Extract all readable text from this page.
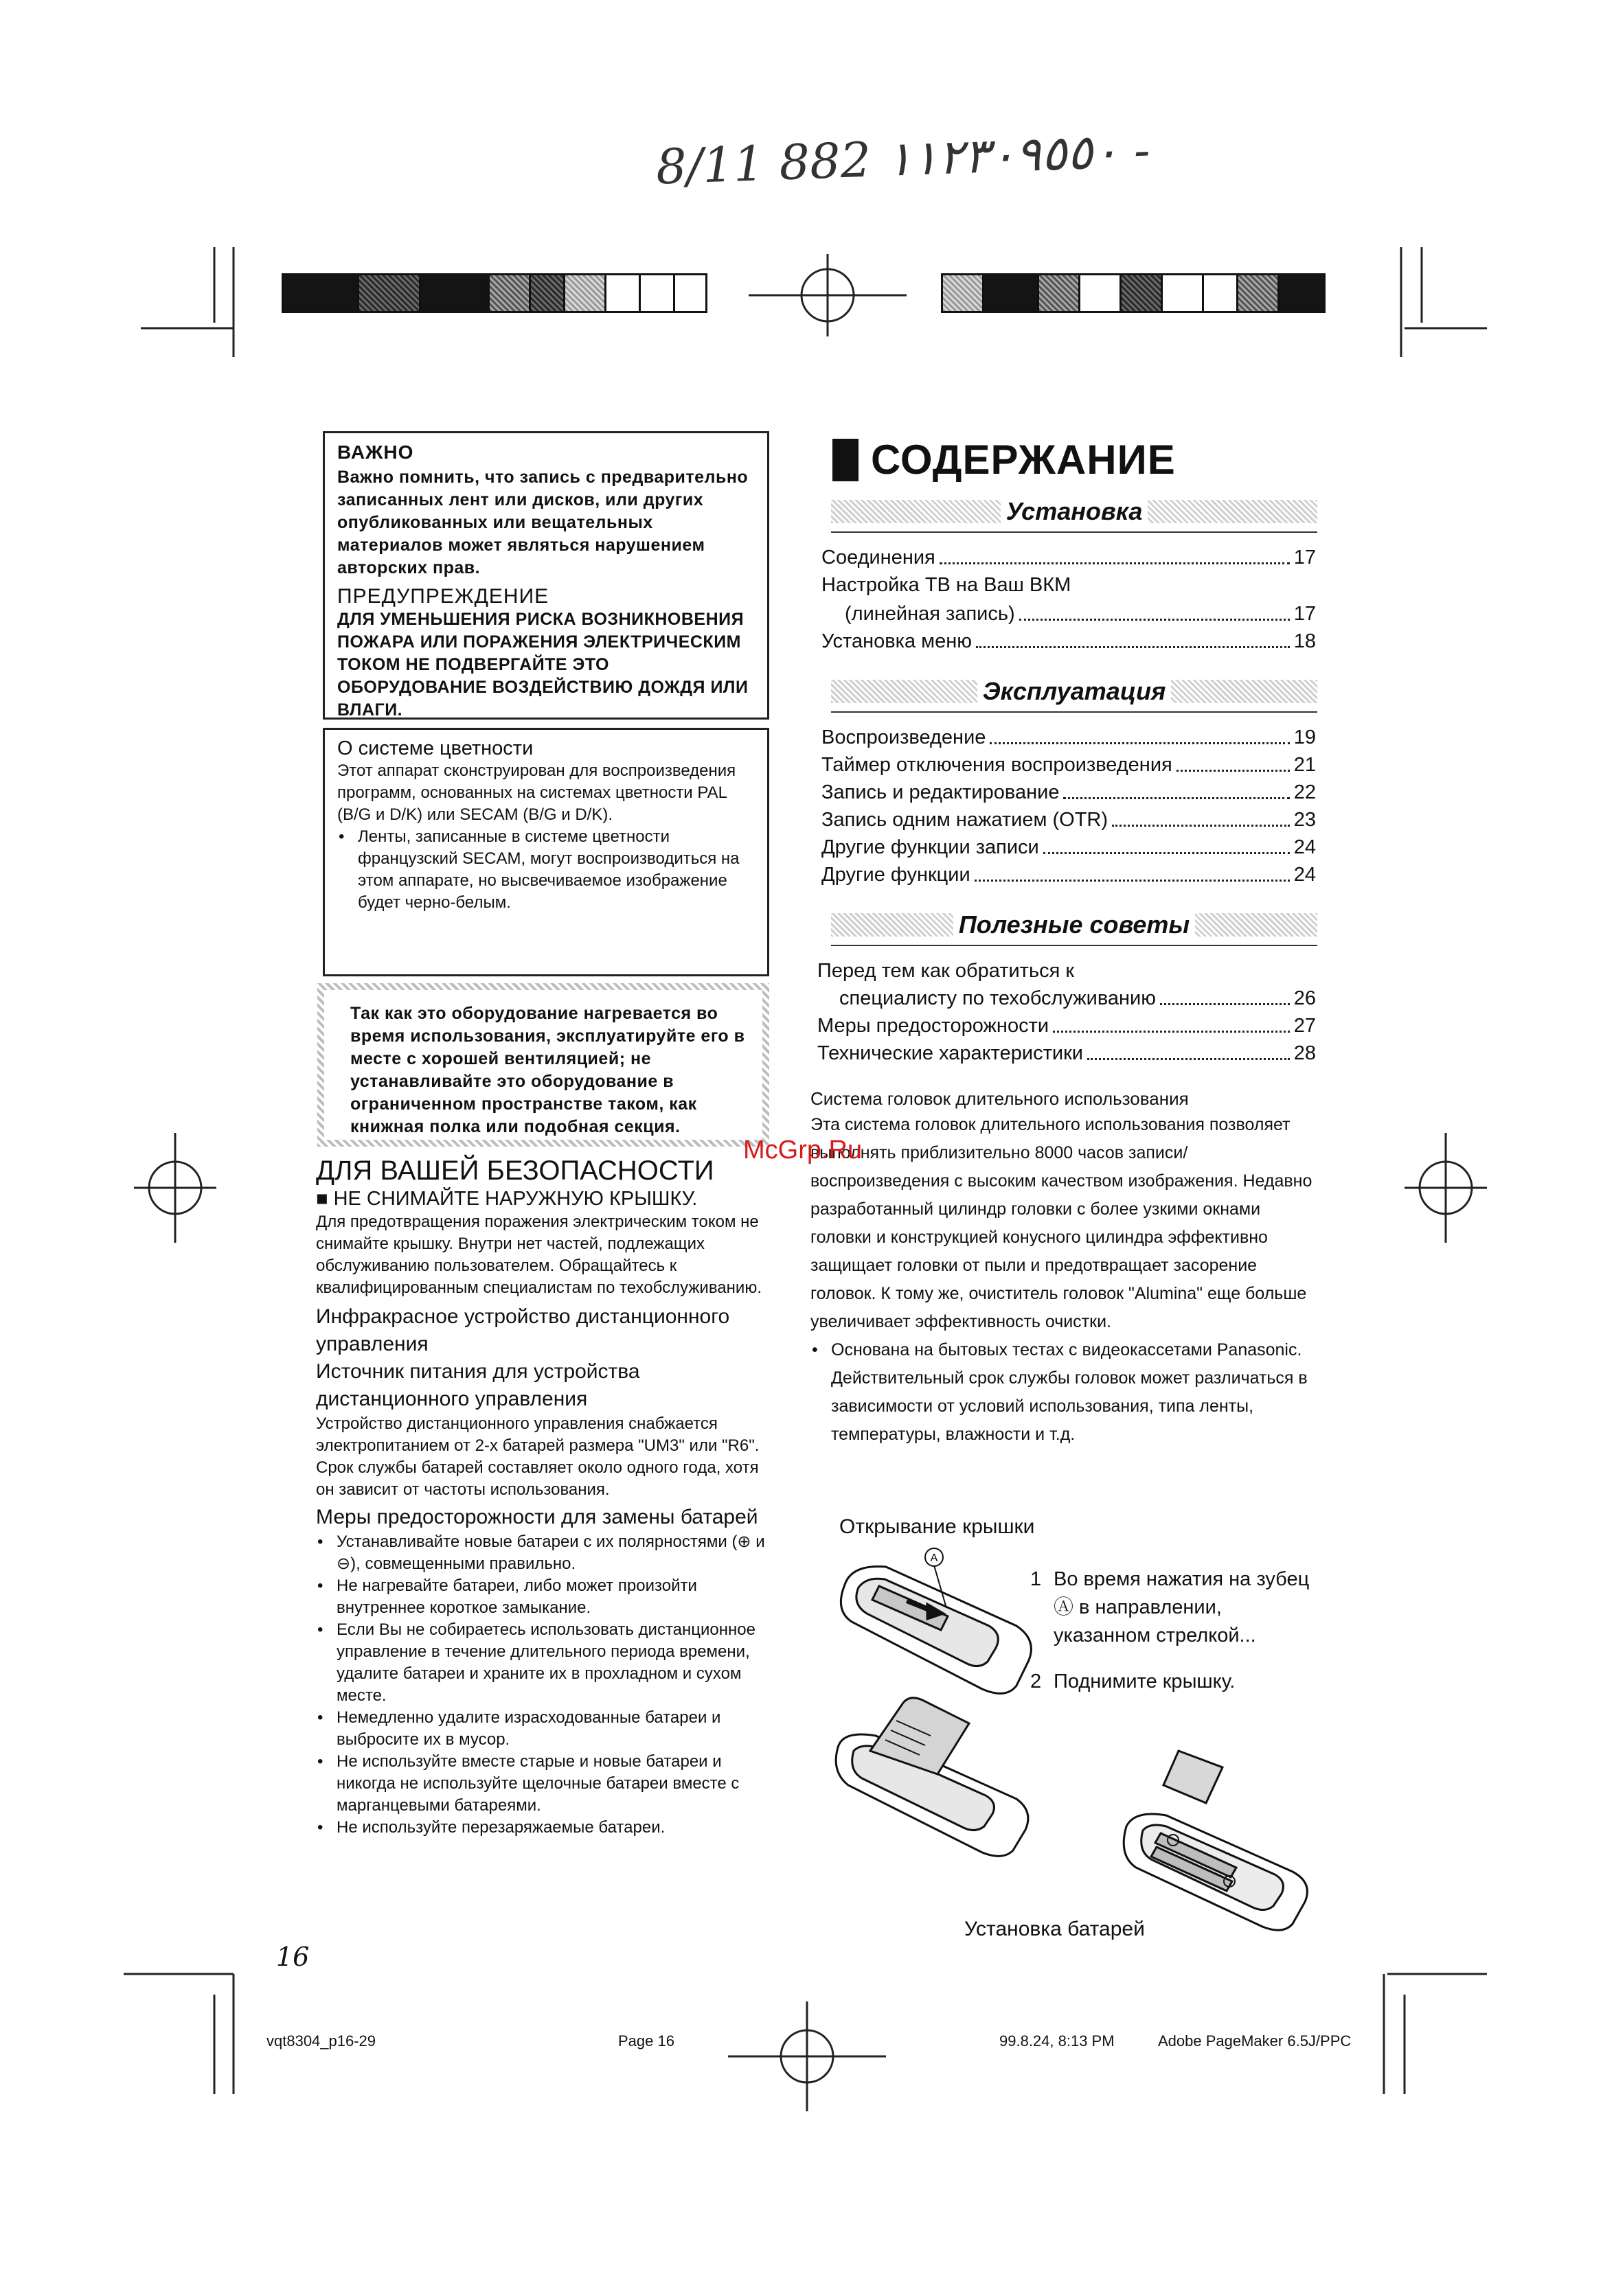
8/11 882 ١١٢٣٠٩٥٥٠ -
ВАЖНО
Важно помнить, что запись с предварительно записанных лент или дисков, или других опубликованных или вещательных материалов может являться нарушением авторских прав.
ПРЕДУПРЕЖДЕНИЕ
ДЛЯ УМЕНЬШЕНИЯ РИСКА ВОЗНИКНОВЕНИЯ ПОЖАРА ИЛИ ПОРАЖЕНИЯ ЭЛЕКТРИЧЕСКИМ ТОКОМ НЕ ПОДВЕРГАЙТЕ ЭТО ОБОРУДОВАНИЕ ВОЗДЕЙСТВИЮ ДОЖДЯ ИЛИ ВЛАГИ.
О системе цветности
Этот аппарат сконструирован для воспроизведения программ, основанных на системах цветности PAL (B/G и D/K) или SECAM (B/G и D/K).
• Ленты, записанные в системе цветности французский SECAM, могут воспроизводиться на этом аппарате, но высвечиваемое изображение будет черно-белым.
Так как это оборудование нагревается во время использования, эксплуатируйте его в месте с хорошей вентиляцией; не устанавливайте это оборудование в ограниченном пространстве таком, как книжная полка или подобная секция.
ДЛЯ ВАШЕЙ БЕЗОПАСНОСТИ
■ НЕ СНИМАЙТЕ НАРУЖНУЮ КРЫШКУ.
Для предотвращения поражения электрическим током не снимайте крышку. Внутри нет частей, подлежащих обслуживанию пользователем. Обращайтесь к квалифицированным специалистам по техобслуживанию.
Инфракрасное устройство дистанционного управления
Источник питания для устройства дистанционного управления
Устройство дистанционного управления снабжается электропитанием от 2-х батарей размера "UM3" или "R6". Срок службы батарей составляет около одного года, хотя он зависит от частоты использования.
Меры предосторожности для замены батарей
• Устанавливайте новые батареи с их полярностями (⊕ и ⊖), совмещенными правильно.
• Не нагревайте батареи, либо может произойти внутреннее короткое замыкание.
• Если Вы не собираетесь использовать дистанционное управление в течение длительного периода времени, удалите батареи и храните их в прохладном и сухом месте.
• Немедленно удалите израсходованные батареи и выбросите их в мусор.
• Не используйте вместе старые и новые батареи и никогда не используйте щелочные батареи вместе с марганцевыми батареями.
• Не используйте перезаряжаемые батареи.
16
СОДЕРЖАНИЕ
Установка
Соединения	17
Настройка ТВ на Ваш ВКМ
(линейная запись)	17
Установка меню	18
Эксплуатация
Воспроизведение	19
Таймер отключения воспроизведения	21
Запись и редактирование	22
Запись одним нажатием (OTR)	23
Другие функции записи	24
Другие функции	24
Полезные советы
Перед тем как обратиться к
специалисту по техобслуживанию	26
Меры предосторожности	27
Технические характеристики	28
Система головок длительного использования
Эта система головок длительного использования позволяет выполнять приблизительно 8000 часов записи/воспроизведения с высоким качеством изображения. Недавно разработанный цилиндр головки с более узкими окнами головки и конструкцией конусного цилиндра эффективно защищает головки от пыли и предотвращает засорение головок. К тому же, очиститель головок "Alumina" еще больше увеличивает эффективность очистки.
• Основана на бытовых тестах с видеокассетами Panasonic. Действительный срок службы головок может различаться в зависимости от условий использования, типа ленты, температуры, влажности и т.д.
McGrp.Ru
Открывание крышки
A
1 Во время нажатия на зубец Ⓐ в направлении, указанном стрелкой...
2 Поднимите крышку.
Установка батарей
vqt8304_p16-29	Page 16	99.8.24, 8:13 PM	Adobe PageMaker 6.5J/PPC
